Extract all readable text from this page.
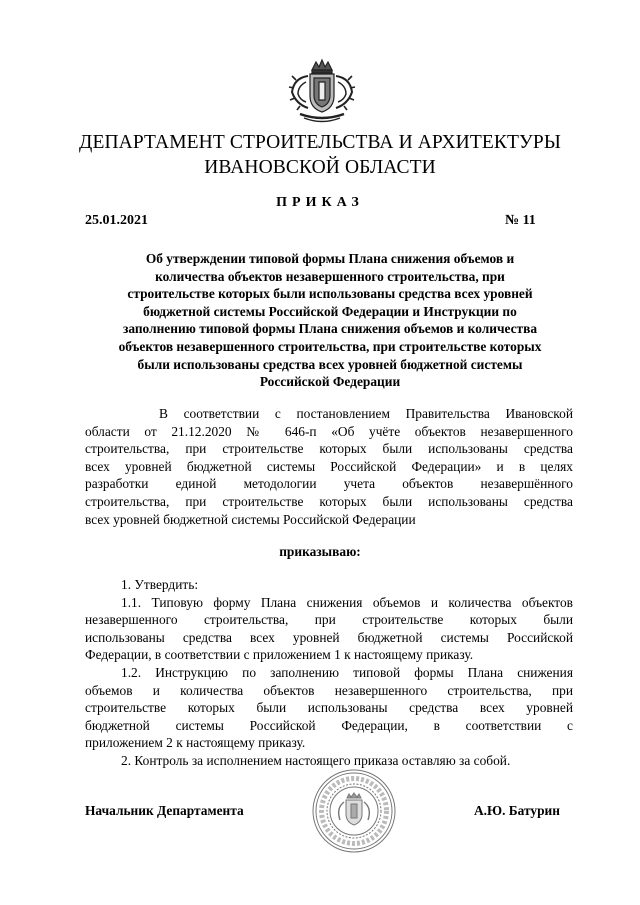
ДЕПАРТАМЕНТ СТРОИТЕЛЬСТВА И АРХИТЕКТУРЫ
ИВАНОВСКОЙ ОБЛАСТИ
ПРИКАЗ
25.01.2021	№ 11
Об утверждении типовой формы Плана снижения объемов и
количества объектов незавершенного строительства, при
строительстве которых были использованы средства всех уровней
бюджетной системы Российской Федерации и Инструкции по
заполнению типовой формы Плана снижения объемов и количества
объектов незавершенного строительства, при строительстве которых
были использованы средства всех уровней бюджетной системы
Российской Федерации
В соответствии с постановлением Правительства Ивановской
области от 21.12.2020 № 646-п «Об учёте объектов незавершенного
строительства, при строительстве которых были использованы средства
всех уровней бюджетной системы Российской Федерации» и в целях
разработки единой методологии учета объектов незавершённого
строительства, при строительстве которых были использованы средства
всех уровней бюджетной системы Российской Федерации
приказываю:
1. Утвердить:
1.1. Типовую форму Плана снижения объемов и количества объектов
незавершенного строительства, при строительстве которых были
использованы средства всех уровней бюджетной системы Российской
Федерации, в соответствии с приложением 1 к настоящему приказу.
1.2. Инструкцию по заполнению типовой формы Плана снижения
объемов и количества объектов незавершенного строительства, при
строительстве которых были использованы средства всех уровней
бюджетной системы Российской Федерации, в соответствии с
приложением 2 к настоящему приказу.
2. Контроль за исполнением настоящего приказа оставляю за собой.
Начальник Департамента	А.Ю. Батурин
